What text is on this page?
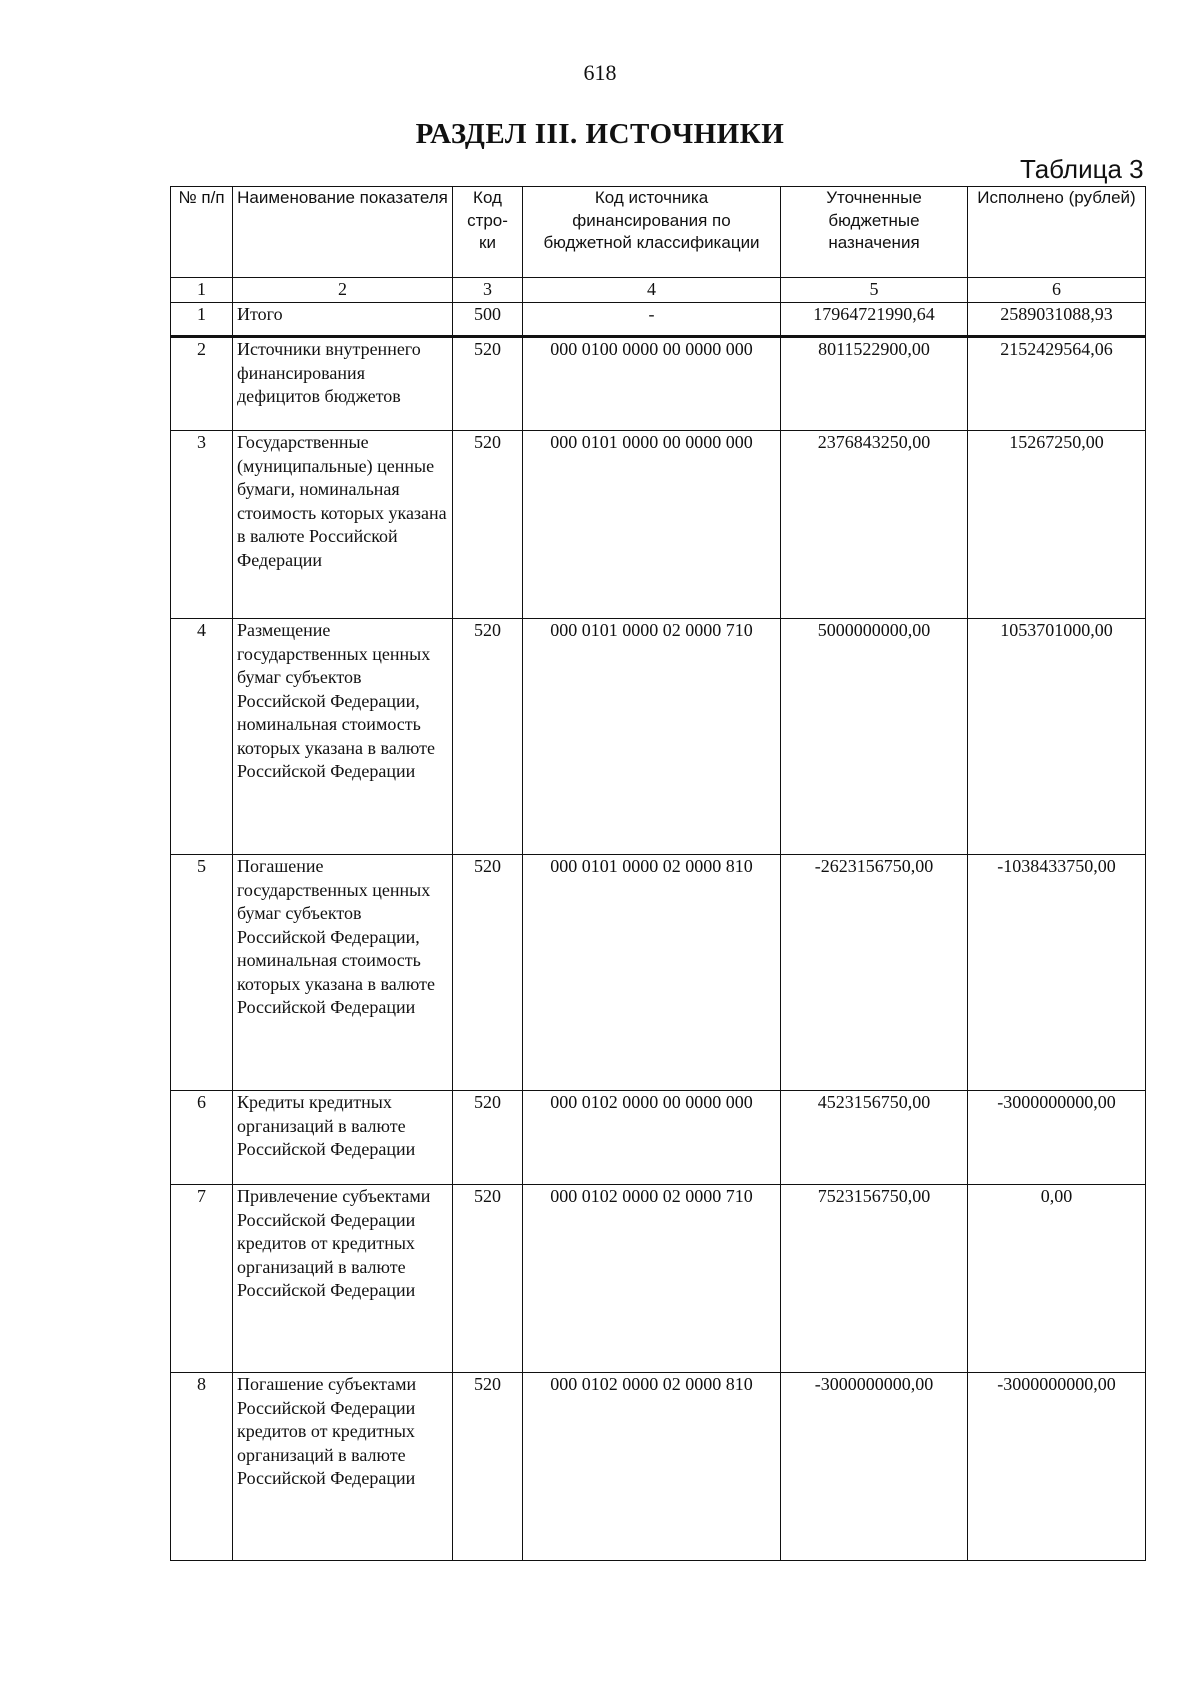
618
РАЗДЕЛ III. ИСТОЧНИКИ
Таблица 3
№ п/п	Наименование показателя	Код стро- ки	Код источника финансирования по бюджетной классификации	Уточненные бюджетные назначения	Исполнено (рублей)
1	2	3	4	5	6
1	Итого	500	-	17964721990,64	2589031088,93
2	Источники внутреннего финансирования дефицитов бюджетов	520	000 0100 0000 00 0000 000	8011522900,00	2152429564,06
3	Государственные (муниципальные) ценные бумаги, номинальная стоимость которых указана в валюте Российской Федерации	520	000 0101 0000 00 0000 000	2376843250,00	15267250,00
4	Размещение государственных ценных бумаг субъектов Российской Федерации, номинальная стоимость которых указана в валюте Российской Федерации	520	000 0101 0000 02 0000 710	5000000000,00	1053701000,00
5	Погашение государственных ценных бумаг субъектов Российской Федерации, номинальная стоимость которых указана в валюте Российской Федерации	520	000 0101 0000 02 0000 810	-2623156750,00	-1038433750,00
6	Кредиты кредитных организаций в валюте Российской Федерации	520	000 0102 0000 00 0000 000	4523156750,00	-3000000000,00
7	Привлечение субъектами Российской Федерации кредитов от кредитных организаций в валюте Российской Федерации	520	000 0102 0000 02 0000 710	7523156750,00	0,00
8	Погашение субъектами Российской Федерации кредитов от кредитных организаций в валюте Российской Федерации	520	000 0102 0000 02 0000 810	-3000000000,00	-3000000000,00
